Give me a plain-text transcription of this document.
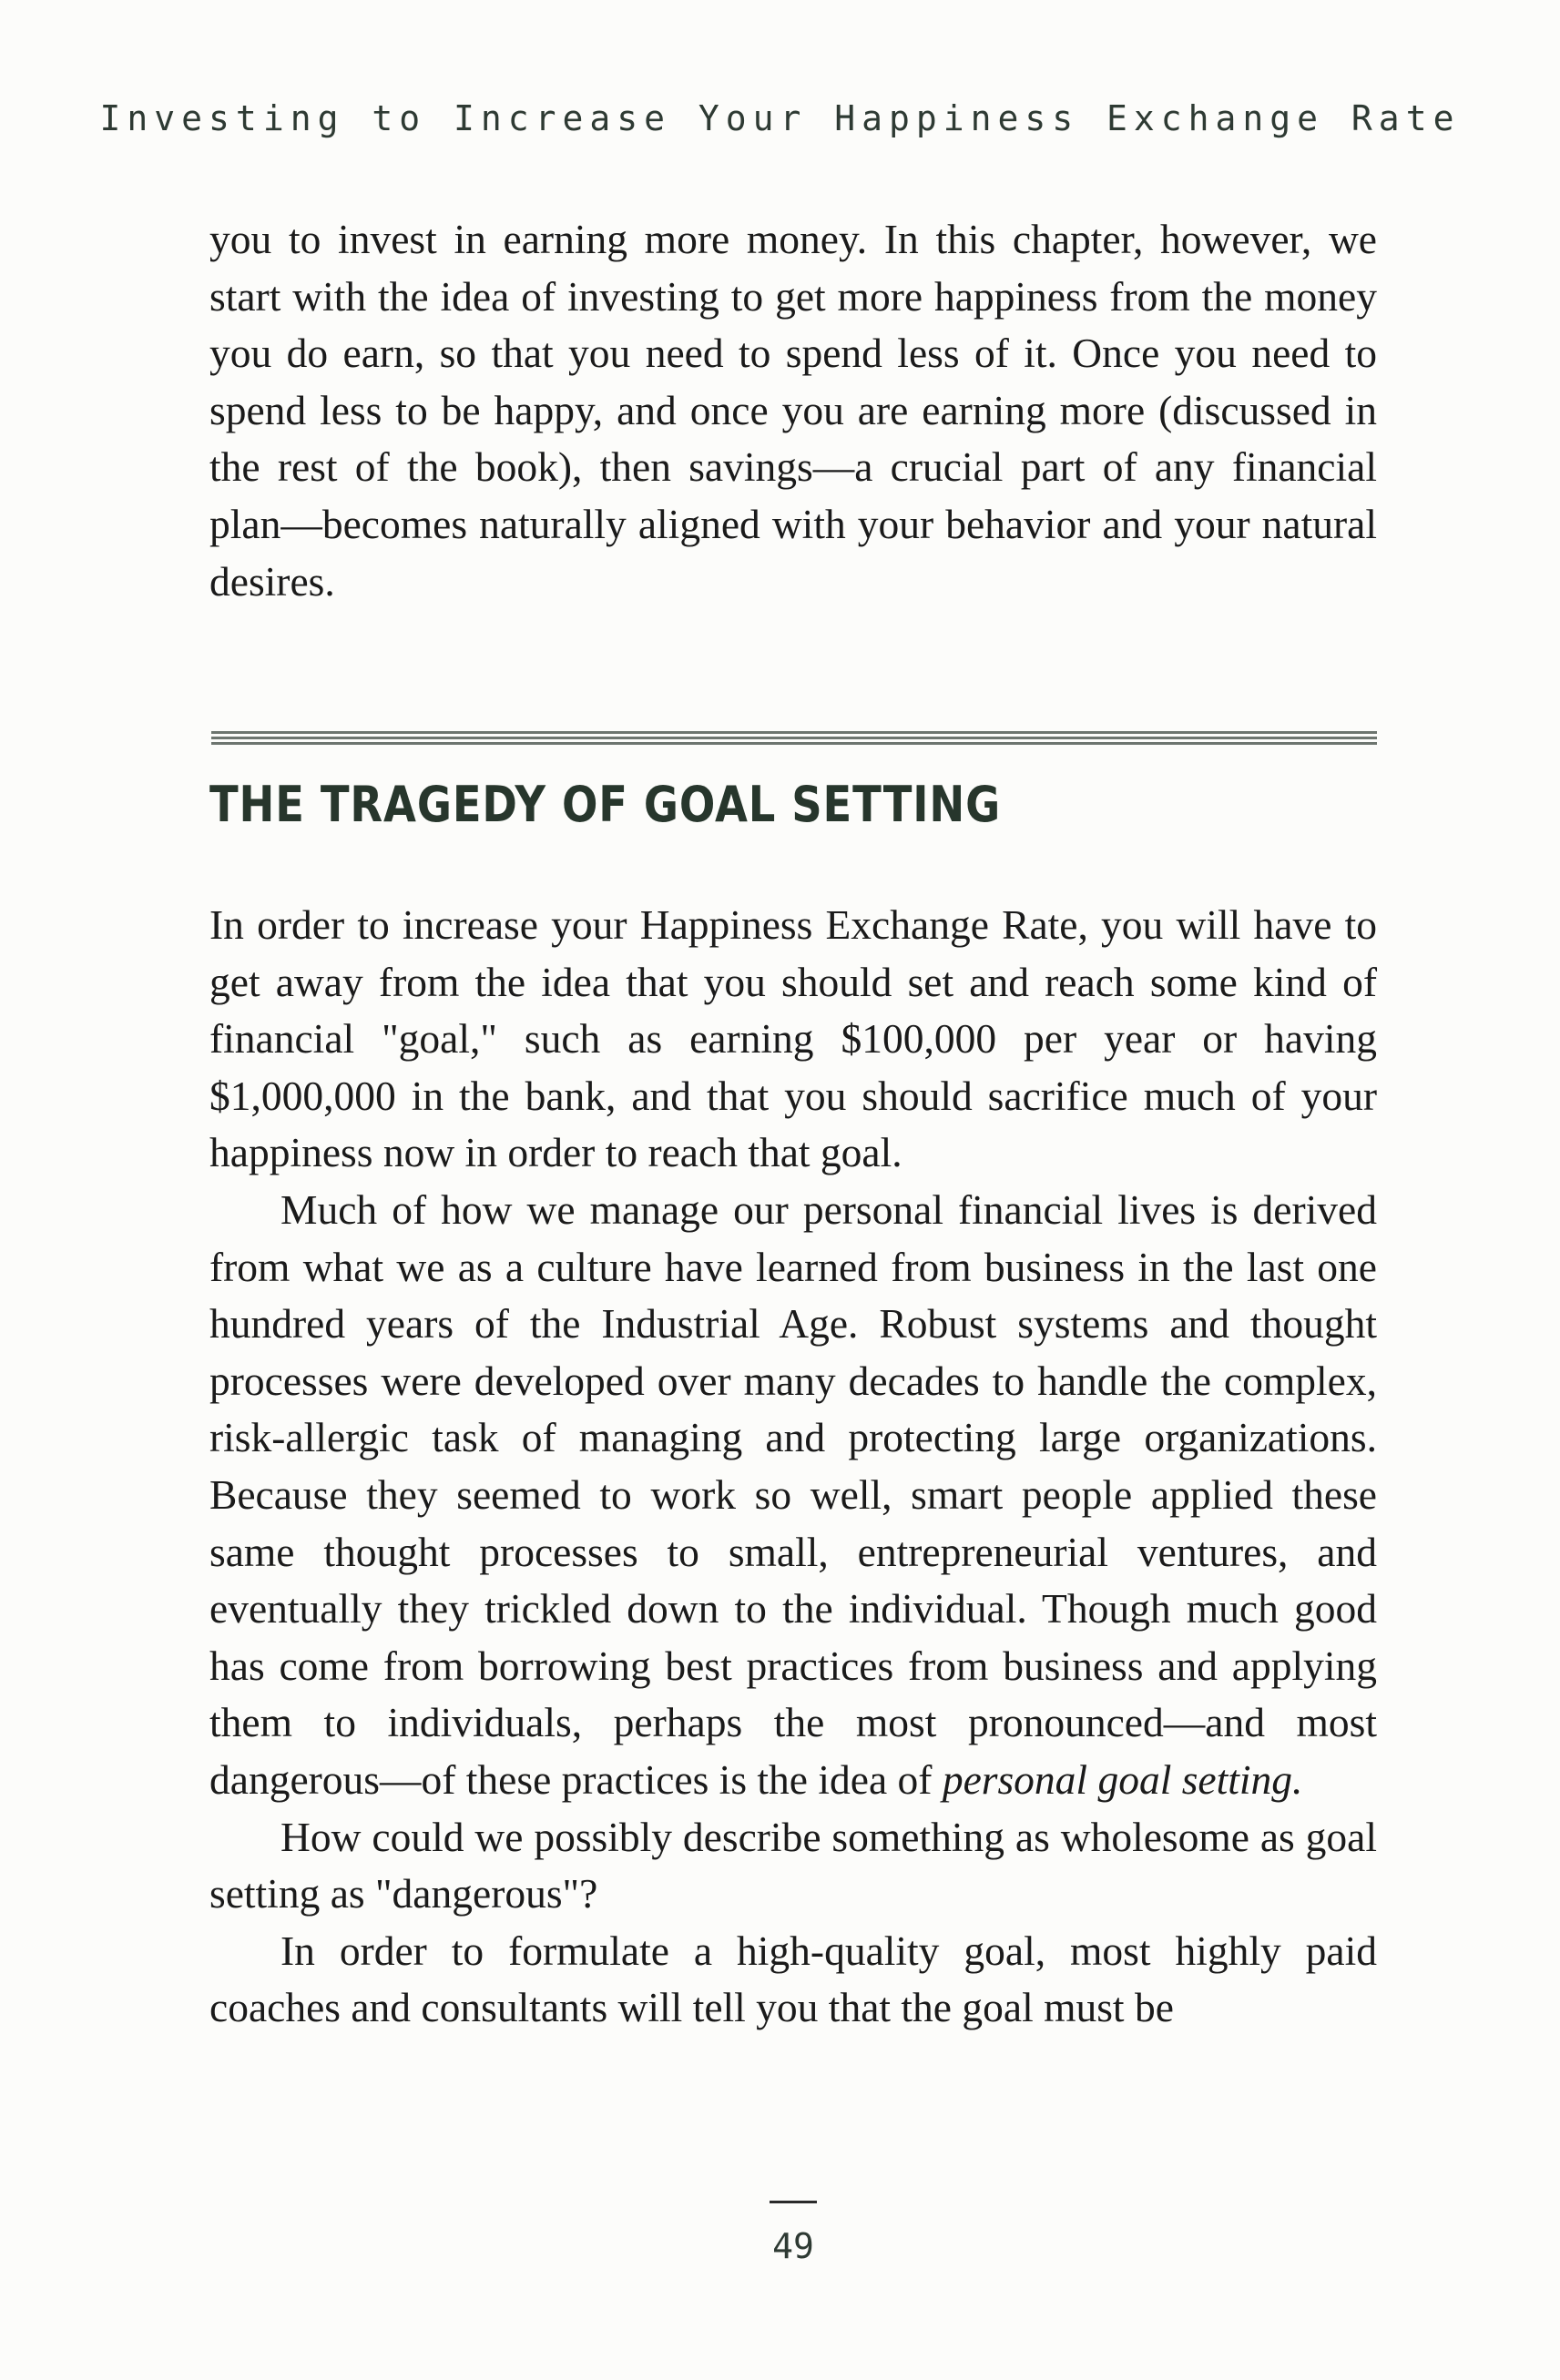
Investing to Increase Your Happiness Exchange Rate

you to invest in earning more money. In this chapter, however, we start with the idea of investing to get more happiness from the money you do earn, so that you need to spend less of it. Once you need to spend less to be happy, and once you are earning more (discussed in the rest of the book), then savings—a crucial part of any financial plan—becomes naturally aligned with your behavior and your natural desires.

THE TRAGEDY OF GOAL SETTING

In order to increase your Happiness Exchange Rate, you will have to get away from the idea that you should set and reach some kind of financial "goal," such as earning $100,000 per year or having $1,000,000 in the bank, and that you should sacrifice much of your happiness now in order to reach that goal.

Much of how we manage our personal financial lives is derived from what we as a culture have learned from business in the last one hundred years of the Industrial Age. Robust systems and thought processes were developed over many decades to handle the complex, risk-allergic task of managing and protecting large organizations. Because they seemed to work so well, smart people applied these same thought processes to small, entrepreneurial ventures, and eventually they trickled down to the individual. Though much good has come from borrowing best practices from business and applying them to individuals, perhaps the most pronounced—and most dangerous—of these practices is the idea of personal goal setting.

How could we possibly describe something as wholesome as goal setting as "dangerous"?

In order to formulate a high-quality goal, most highly paid coaches and consultants will tell you that the goal must be

49
